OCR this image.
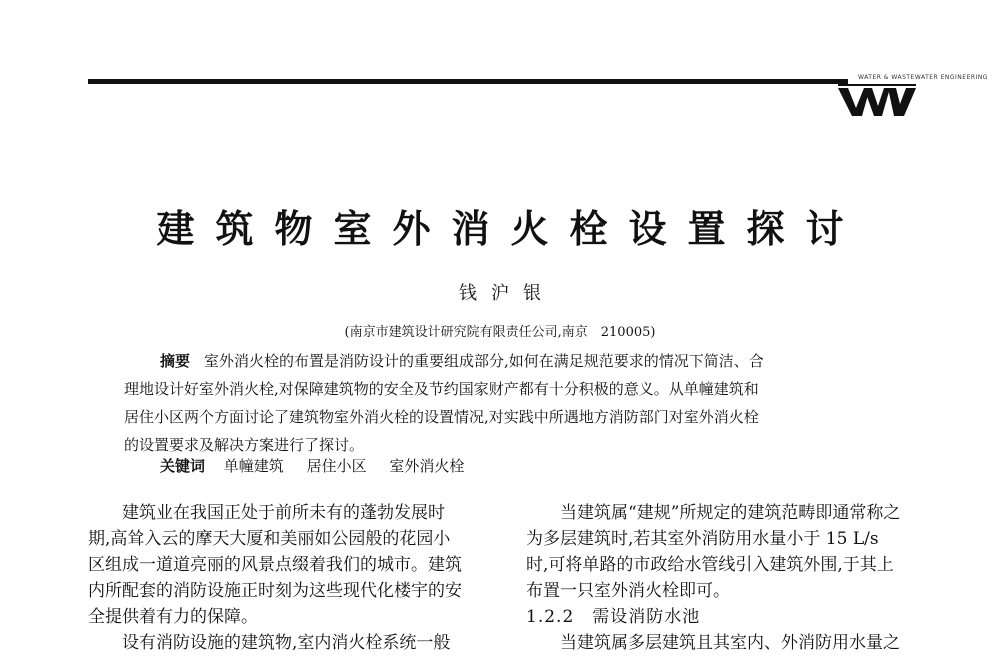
WATER & WASTEWATER ENGINEERING
建筑物室外消火栓设置探讨
钱沪银
(南京市建筑设计研究院有限责任公司,南京　210005)
摘要 室外消火栓的布置是消防设计的重要组成部分,如何在满足规范要求的情况下简洁、合
理地设计好室外消火栓,对保障建筑物的安全及节约国家财产都有十分积极的意义。从单幢建筑和
居住小区两个方面讨论了建筑物室外消火栓的设置情况,对实践中所遇地方消防部门对室外消火栓
的设置要求及解决方案进行了探讨。
关键词 单幢建筑 居住小区 室外消火栓
建筑业在我国正处于前所未有的蓬勃发展时
期,高耸入云的摩天大厦和美丽如公园般的花园小
区组成一道道亮丽的风景点缀着我们的城市。建筑
内所配套的消防设施正时刻为这些现代化楼宇的安
全提供着有力的保障。
设有消防设施的建筑物,室内消火栓系统一般
当建筑属“建规”所规定的建筑范畴即通常称之
为多层建筑时,若其室外消防用水量小于 15 L/s
时,可将单路的市政给水管线引入建筑外围,于其上
布置一只室外消火栓即可。
1.2.2　需设消防水池
当建筑属多层建筑且其室内、外消防用水量之
